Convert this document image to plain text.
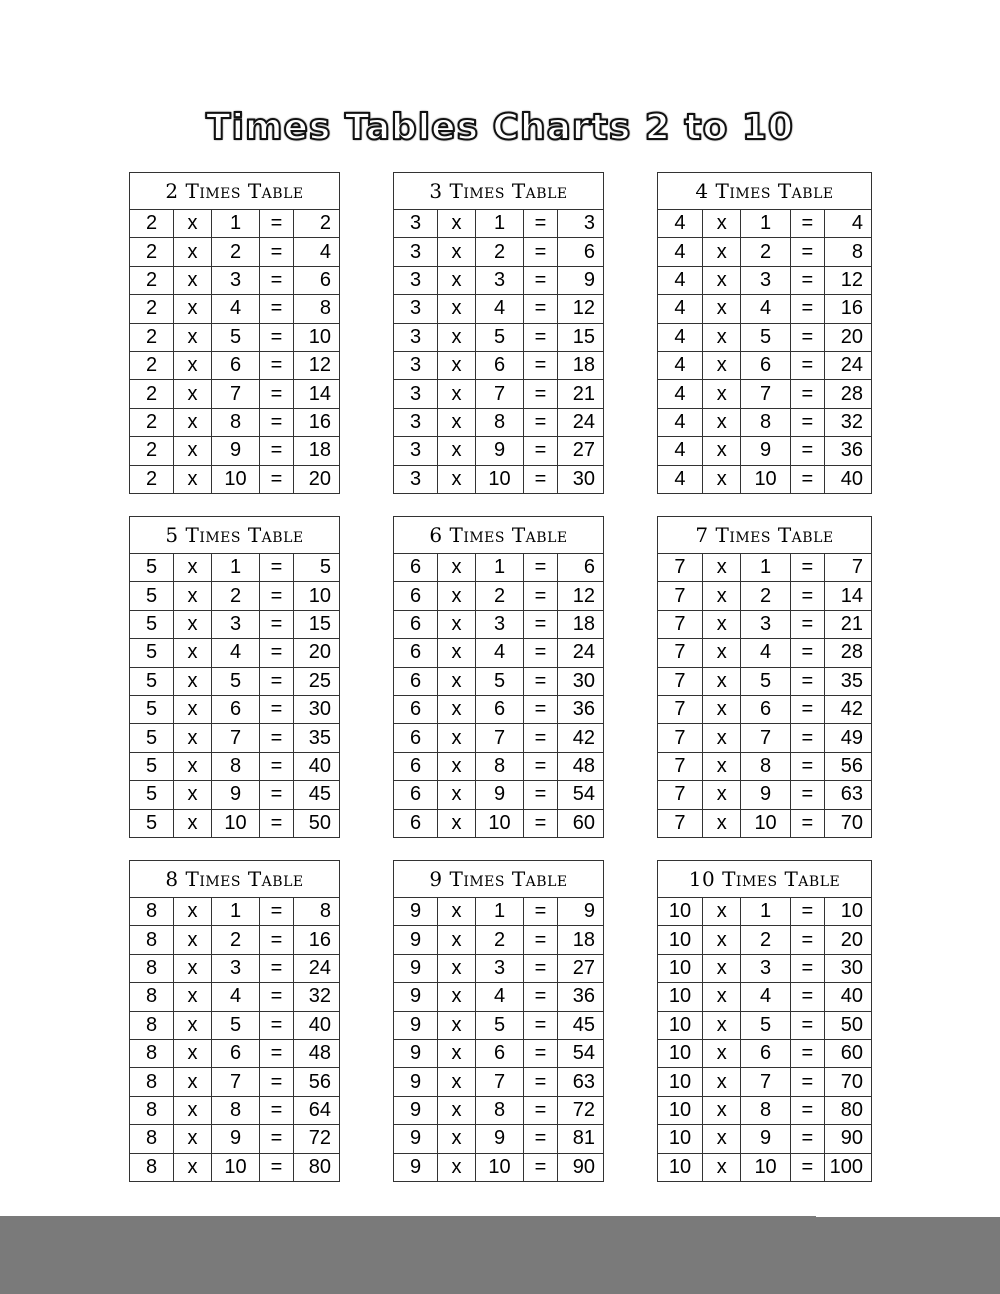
Times Tables Charts 2 to 10
2 Times Table				
2	x	1	=	2
2	x	2	=	4
2	x	3	=	6
2	x	4	=	8
2	x	5	=	10
2	x	6	=	12
2	x	7	=	14
2	x	8	=	16
2	x	9	=	18
2	x	10	=	20
3 Times Table				
3	x	1	=	3
3	x	2	=	6
3	x	3	=	9
3	x	4	=	12
3	x	5	=	15
3	x	6	=	18
3	x	7	=	21
3	x	8	=	24
3	x	9	=	27
3	x	10	=	30
4 Times Table				
4	x	1	=	4
4	x	2	=	8
4	x	3	=	12
4	x	4	=	16
4	x	5	=	20
4	x	6	=	24
4	x	7	=	28
4	x	8	=	32
4	x	9	=	36
4	x	10	=	40
5 Times Table				
5	x	1	=	5
5	x	2	=	10
5	x	3	=	15
5	x	4	=	20
5	x	5	=	25
5	x	6	=	30
5	x	7	=	35
5	x	8	=	40
5	x	9	=	45
5	x	10	=	50
6 Times Table				
6	x	1	=	6
6	x	2	=	12
6	x	3	=	18
6	x	4	=	24
6	x	5	=	30
6	x	6	=	36
6	x	7	=	42
6	x	8	=	48
6	x	9	=	54
6	x	10	=	60
7 Times Table				
7	x	1	=	7
7	x	2	=	14
7	x	3	=	21
7	x	4	=	28
7	x	5	=	35
7	x	6	=	42
7	x	7	=	49
7	x	8	=	56
7	x	9	=	63
7	x	10	=	70
8 Times Table				
8	x	1	=	8
8	x	2	=	16
8	x	3	=	24
8	x	4	=	32
8	x	5	=	40
8	x	6	=	48
8	x	7	=	56
8	x	8	=	64
8	x	9	=	72
8	x	10	=	80
9 Times Table				
9	x	1	=	9
9	x	2	=	18
9	x	3	=	27
9	x	4	=	36
9	x	5	=	45
9	x	6	=	54
9	x	7	=	63
9	x	8	=	72
9	x	9	=	81
9	x	10	=	90
10 Times Table				
10	x	1	=	10
10	x	2	=	20
10	x	3	=	30
10	x	4	=	40
10	x	5	=	50
10	x	6	=	60
10	x	7	=	70
10	x	8	=	80
10	x	9	=	90
10	x	10	=	100
